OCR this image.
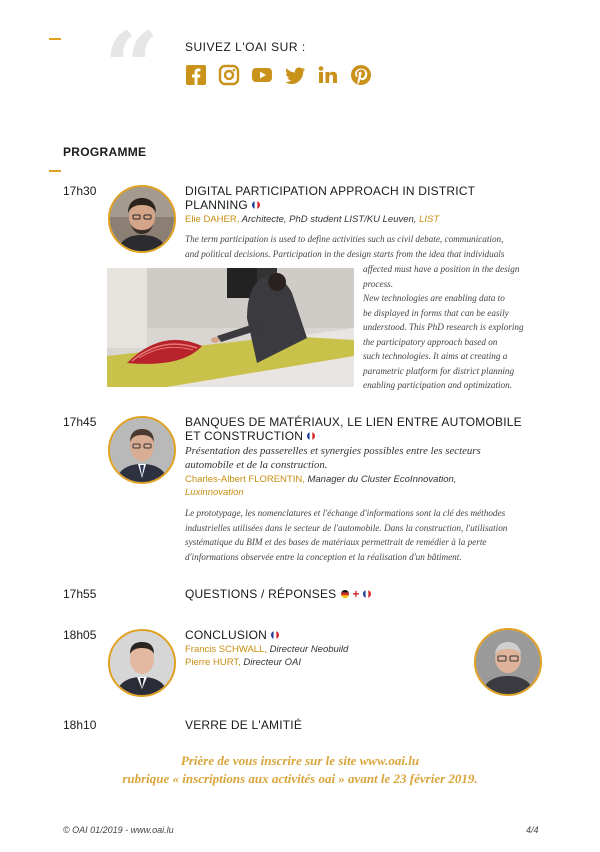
“ SUIVEZ L'OAI SUR :
PROGRAMME
17h30	DIGITAL PARTICIPATION APPROACH IN DISTRICT
PLANNING
Elie DAHER, Architecte, PhD student LIST/KU Leuven, LIST
The term participation is used to define activities such as civil debate, communication,
and political decisions. Participation in the design starts from the idea that individuals
affected must have a position in the design
process.
New technologies are enabling data to
be displayed in forms that can be easily
understood. This PhD research is exploring
the participatory approach based on
such technologies. It aims at creating a
parametric platform for district planning
enabling participation and optimization.
17h45	BANQUES DE MATÉRIAUX, LE LIEN ENTRE AUTOMOBILE
ET CONSTRUCTION
Présentation des passerelles et synergies possibles entre les secteurs
automobile et de la construction.
Charles-Albert FLORENTIN, Manager du Cluster EcoInnovation,
Luxinnovation
Le prototypage, les nomenclatures et l'échange d'informations sont la clé des méthodes
industrielles utilisées dans le secteur de l'automobile. Dans la construction, l'utilisation
systématique du BIM et des bases de matériaux permettrait de remédier à la perte
d'informations observée entre la conception et la réalisation d'un bâtiment.
17h55	QUESTIONS / RÉPONSES +
18h05	CONCLUSION
Francis SCHWALL, Directeur Neobuild
Pierre HURT, Directeur OAI
18h10	VERRE DE L'AMITIÉ
Prière de vous inscrire sur le site www.oai.lu
rubrique « inscriptions aux activités oai » avant le 23 février 2019.
© OAI 01/2019 - www.oai.lu	4/4
